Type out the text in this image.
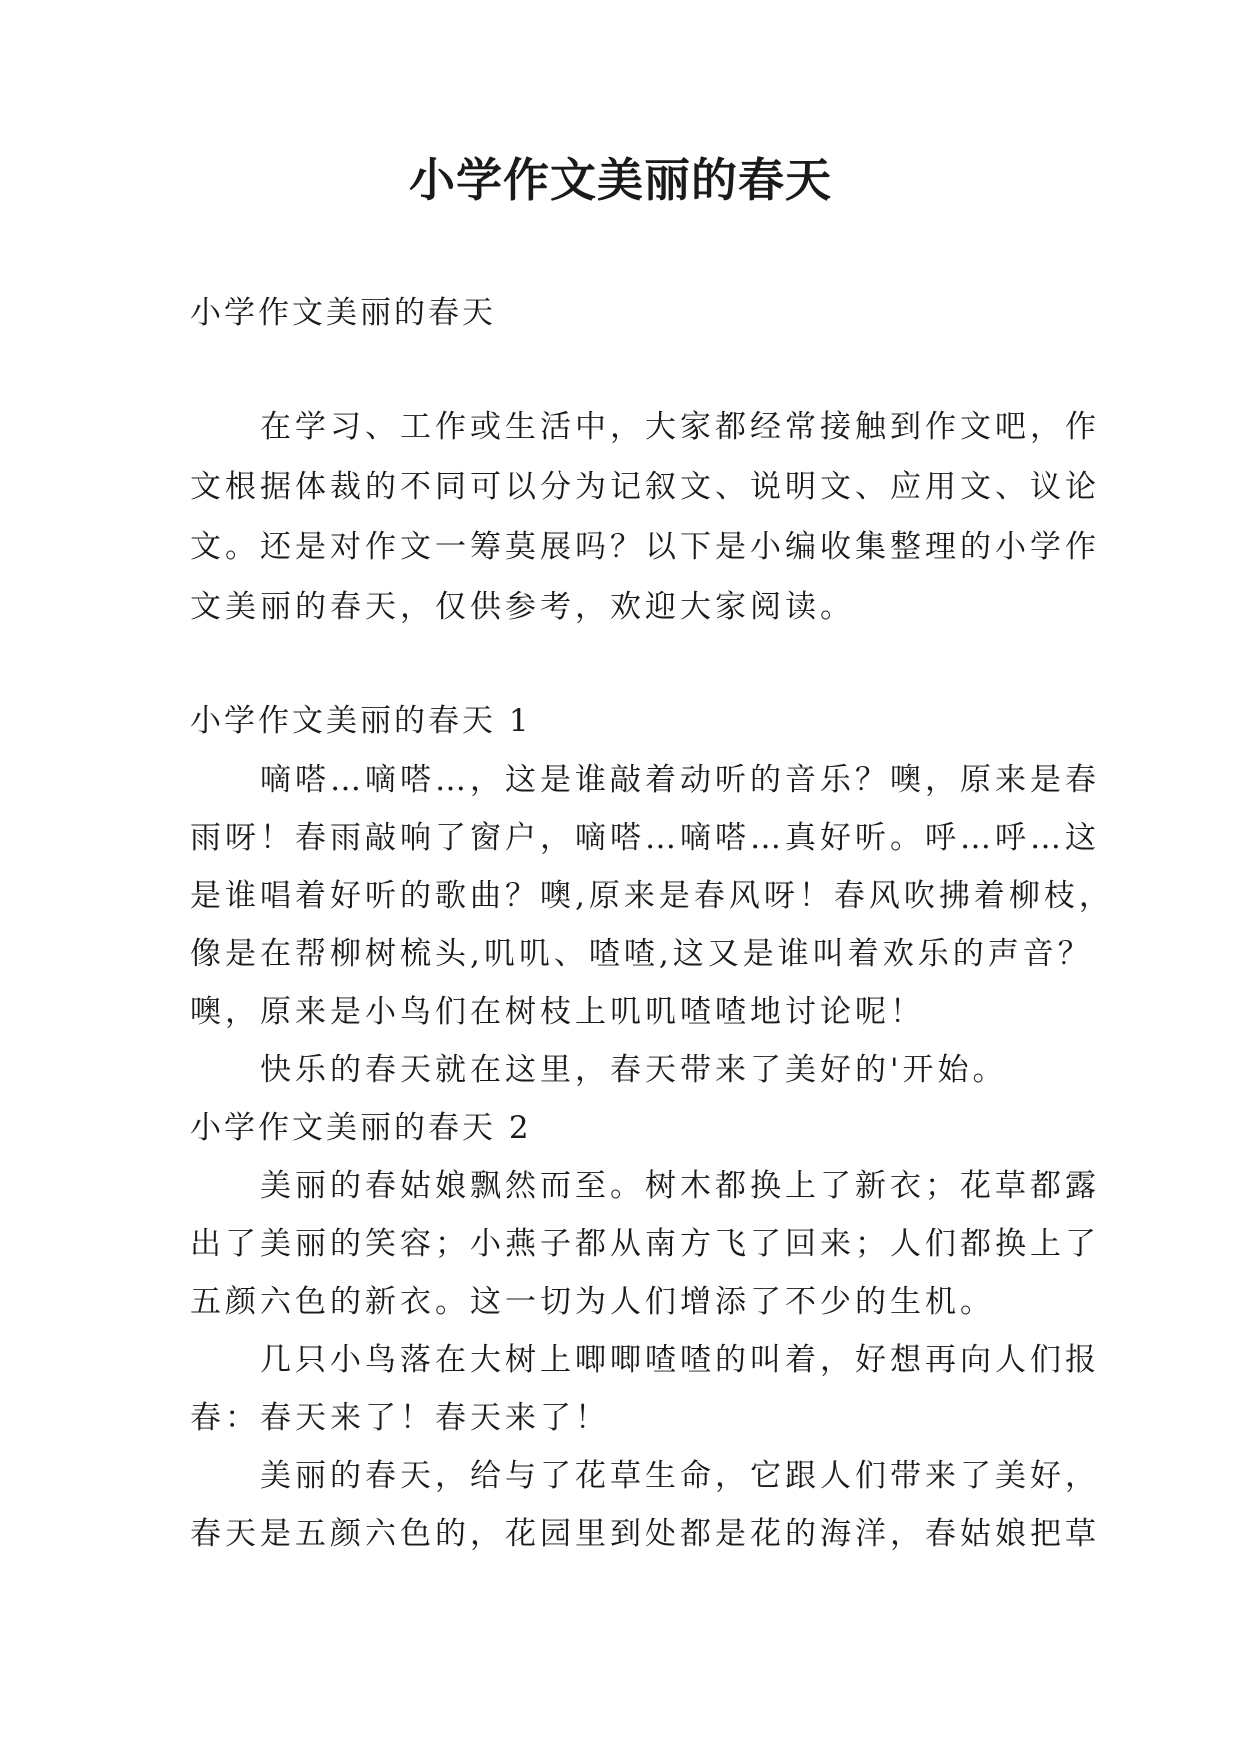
小学作文美丽的春天
小学作文美丽的春天
　　在学习、工作或生活中，大家都经常接触到作文吧，作
文根据体裁的不同可以分为记叙文、说明文、应用文、议论
文。还是对作文一筹莫展吗？以下是小编收集整理的小学作
文美丽的春天，仅供参考，欢迎大家阅读。
小学作文美丽的春天 1
　　嘀嗒…嘀嗒…，这是谁敲着动听的音乐？噢，原来是春
雨呀！春雨敲响了窗户，嘀嗒…嘀嗒…真好听。呼…呼…这
是谁唱着好听的歌曲？噢,原来是春风呀！春风吹拂着柳枝，
像是在帮柳树梳头,叽叽、喳喳,这又是谁叫着欢乐的声音？
噢，原来是小鸟们在树枝上叽叽喳喳地讨论呢！
　　快乐的春天就在这里，春天带来了美好的'开始。
小学作文美丽的春天 2
　　美丽的春姑娘飘然而至。树木都换上了新衣；花草都露
出了美丽的笑容；小燕子都从南方飞了回来；人们都换上了
五颜六色的新衣。这一切为人们增添了不少的生机。
　　几只小鸟落在大树上唧唧喳喳的叫着，好想再向人们报
春：春天来了！春天来了！
　　美丽的春天，给与了花草生命，它跟人们带来了美好，
春天是五颜六色的，花园里到处都是花的海洋，春姑娘把草
